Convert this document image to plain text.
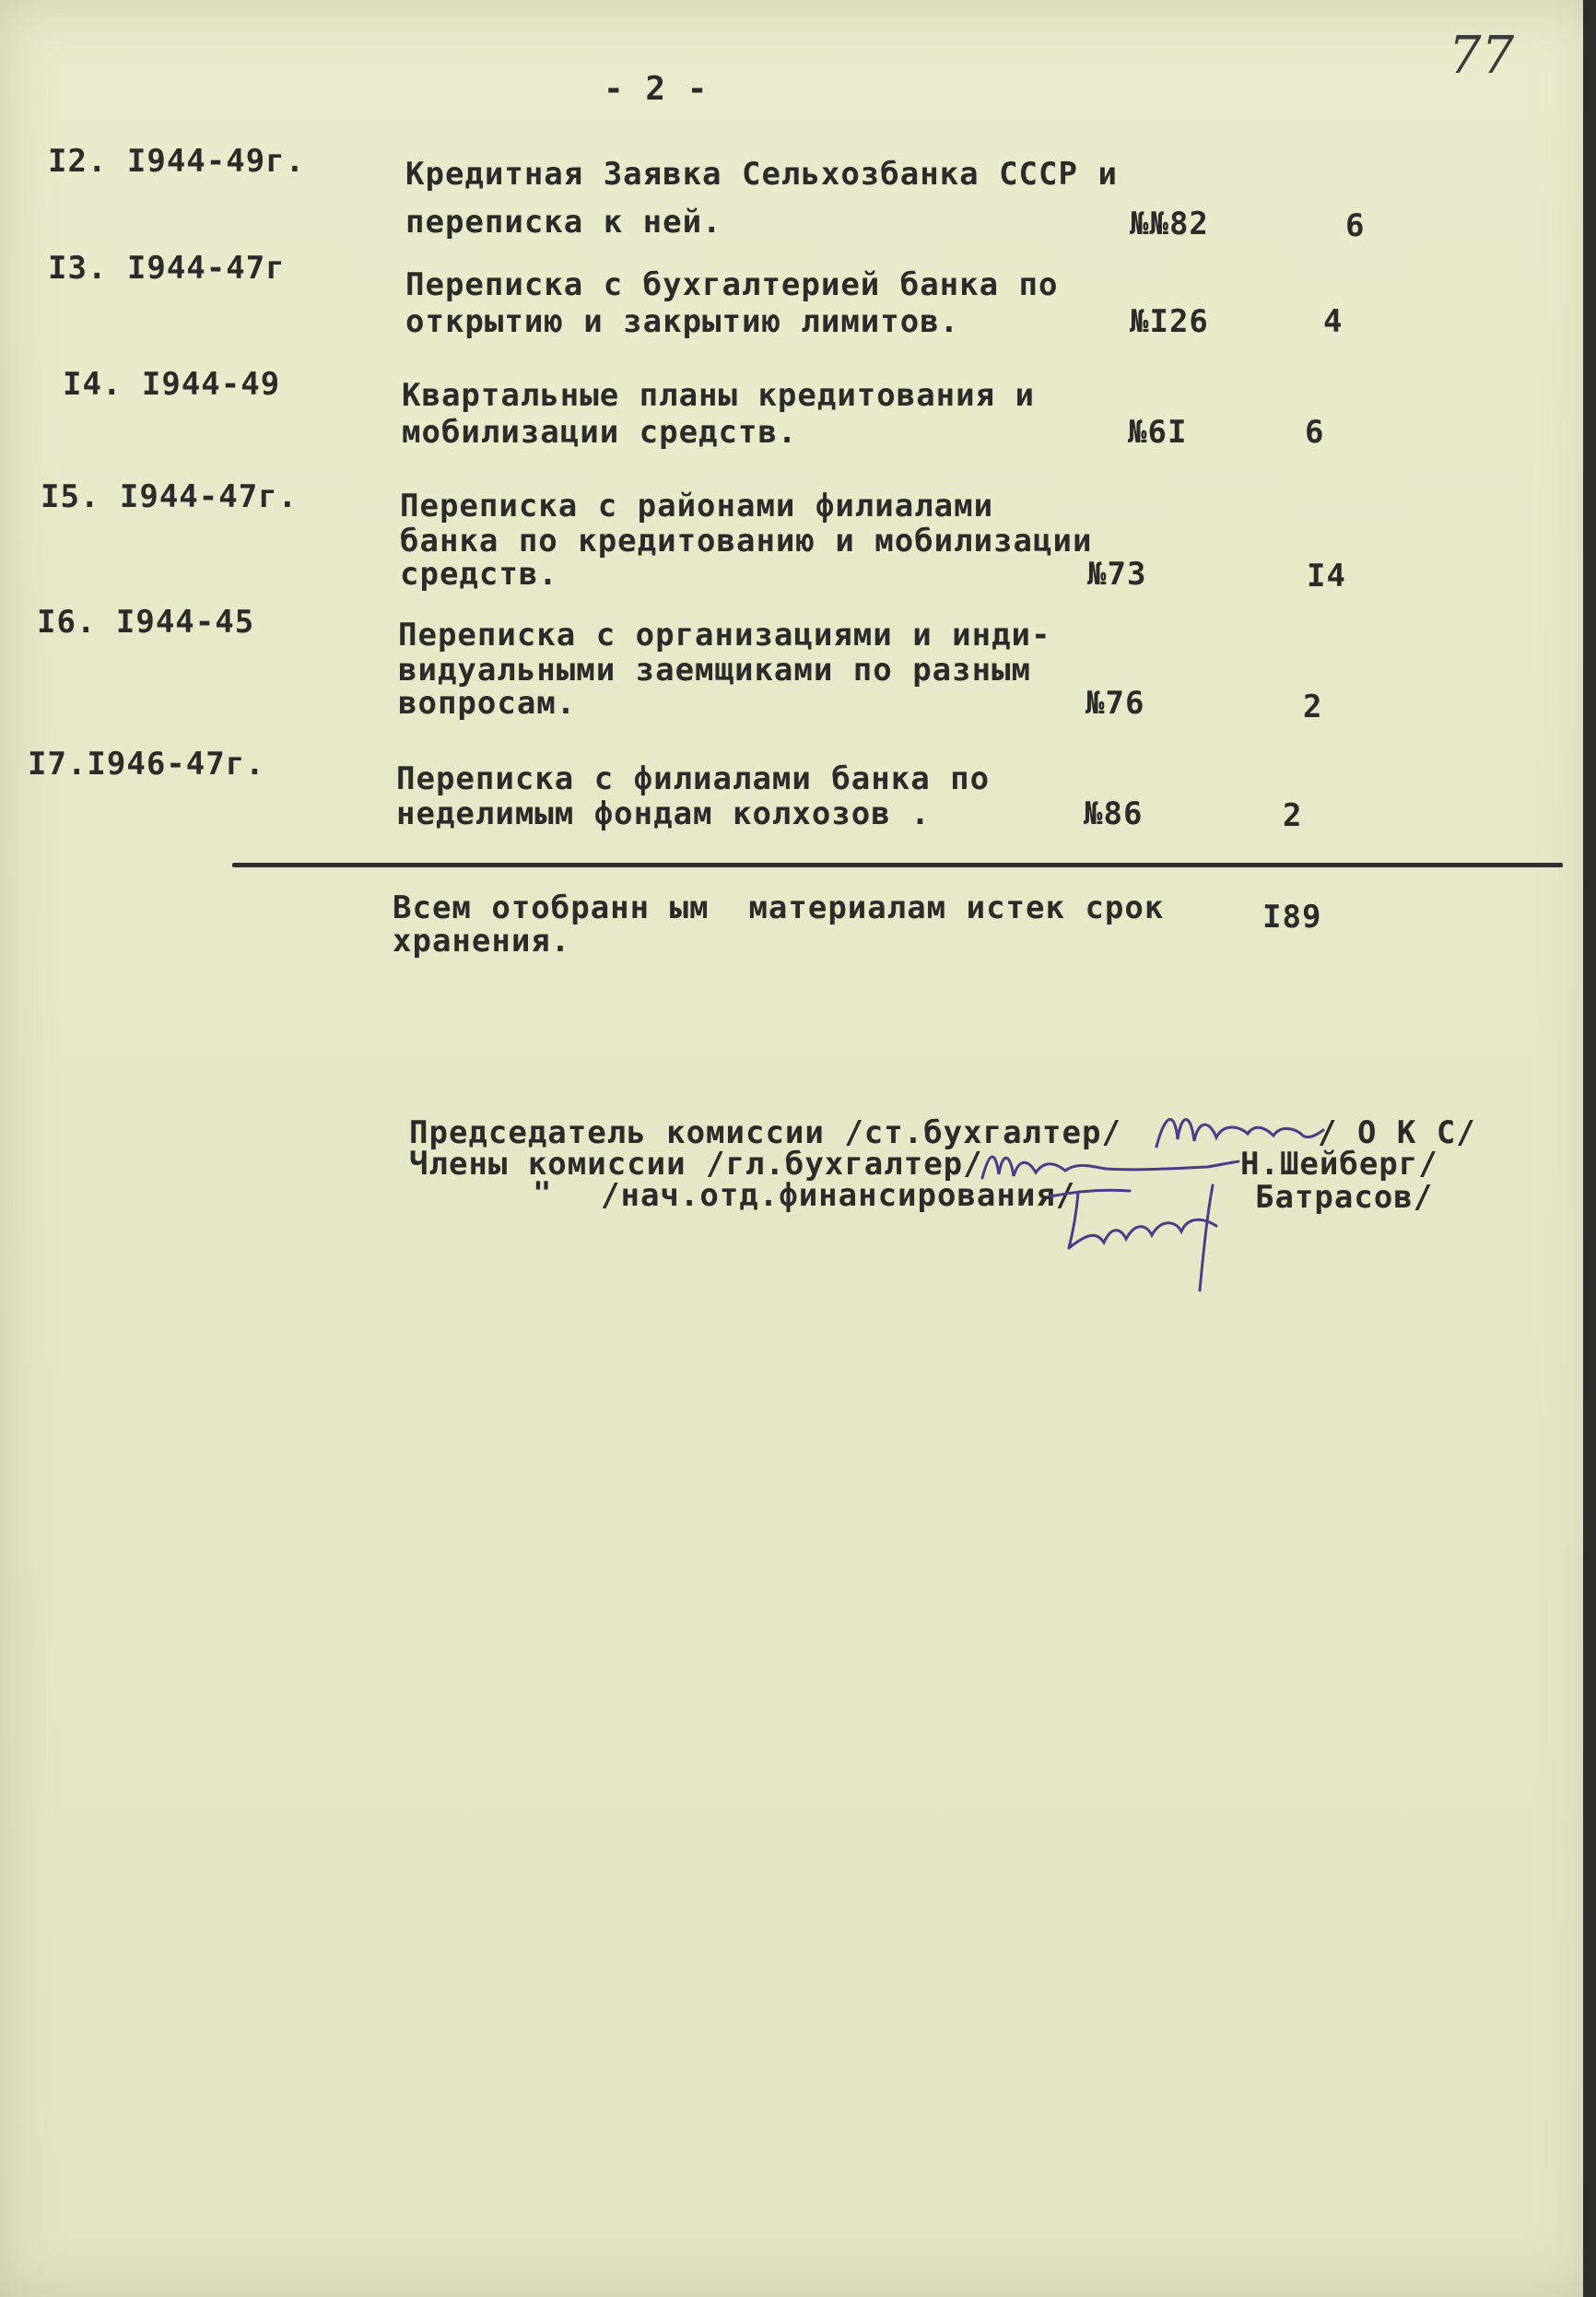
- 2 -
77
I2. I944-49г.	Кредитная Заявка Сельхозбанка СССР и
переписка к ней.	№№82	6
I3. I944-47г	Переписка с бухгалтерией банка по
открытию и закрытию лимитов.	№I26	4
I4. I944-49	Квартальные планы кредитования и
мобилизации средств.	№6I	6
I5. I944-47г.	Переписка с районами филиалами
банка по кредитованию и мобилизации
средств.	№73	I4
I6. I944-45	Переписка с организациями и инди-
видуальными заемщиками по разным
вопросам.	№76	2
I7.I946-47г.	Переписка с филиалами банка по
неделимым фондам колхозов .	№86	2
Всем отобранн ым  материалам истек срок
хранения.
I89
Председатель комиссии /ст.бухгалтер/	/ О К С/
Члены комиссии /гл.бухгалтер/	Н.Шейберг/
" /нач.отд.финансирования/	Батрасов/
